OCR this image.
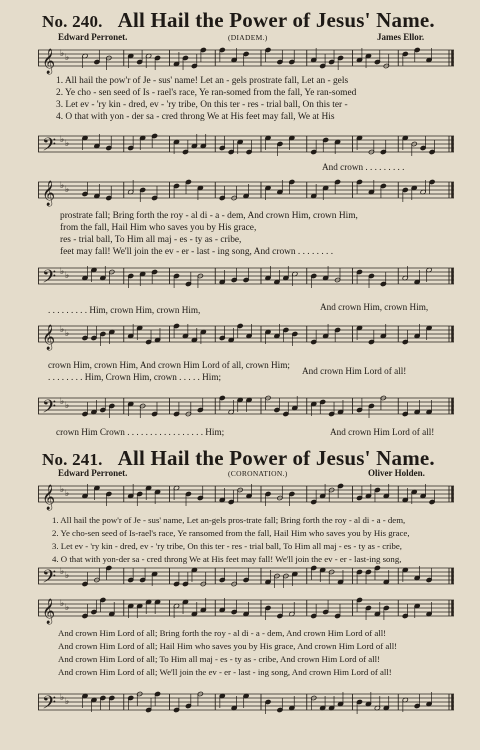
No. 240. All Hail the Power of Jesus' Name.
Edward Perronet.	(DIADEM.)	James Ellor.
𝄞 ♭ ♭
1. All hail the pow'r of Je - sus' name! Let an - gels prostrate fall, Let an - gels
2. Ye cho - sen seed of Is - rael's race, Ye ran-somed from the fall, Ye ran-somed
3. Let ev - 'ry kin - dred, ev - 'ry tribe, On this ter - res - trial ball, On this ter -
4. O that with yon - der sa - cred throng We at His feet may fall, We at His
𝄢 ♭ ♭
And crown . . . . . . . . .
𝄞 ♭ ♭
prostrate fall; Bring forth the roy - al di - a - dem, And crown Him, crown Him,
from the fall, Hail Him who saves you by His grace,
res - trial ball, To Him all maj - es - ty as - cribe,
feet may fall! We'll join the ev - er - last - ing song, And crown . . . . . . . .
𝄢 ♭ ♭
. . . . . . . . . Him, crown Him, crown Him,	And crown Him, crown Him,
𝄞 ♭ ♭
crown Him, crown Him, And crown Him Lord of all, crown Him;
. . . . . . . . Him, Crown Him, crown . . . . . Him;
And crown Him Lord of all!
𝄢 ♭ ♭
crown Him Crown . . . . . . . . . . . . . . . . . Him;	And crown Him Lord of all!
No. 241. All Hail the Power of Jesus' Name.
Edward Perronet.	(CORONATION.)	Oliver Holden.
𝄞 ♭ ♭
1. All hail the pow'r of Je - sus' name, Let an-gels pros-trate fall; Bring forth the roy - al di - a - dem,
2. Ye cho-sen seed of Is-rael's race, Ye ransomed from the fall, Hail Him who saves you by His grace,
3. Let ev - 'ry kin - dred, ev - 'ry tribe, On this ter - res - trial ball, To Him all maj - es - ty as - cribe,
4. O that with yon-der sa - cred throng We at His feet may fall! We'll join the ev - er - last-ing song,
𝄢 ♭ ♭
𝄞 ♭ ♭
And crown Him Lord of all; Bring forth the roy - al di - a - dem, And crown Him Lord of all!
And crown Him Lord of all; Hail Him who saves you by His grace, And crown Him Lord of all!
And crown Him Lord of all; To Him all maj - es - ty as - cribe, And crown Him Lord of all!
And crown Him Lord of all; We'll join the ev - er - last - ing song, And crown Him Lord of all!
𝄢 ♭ ♭
